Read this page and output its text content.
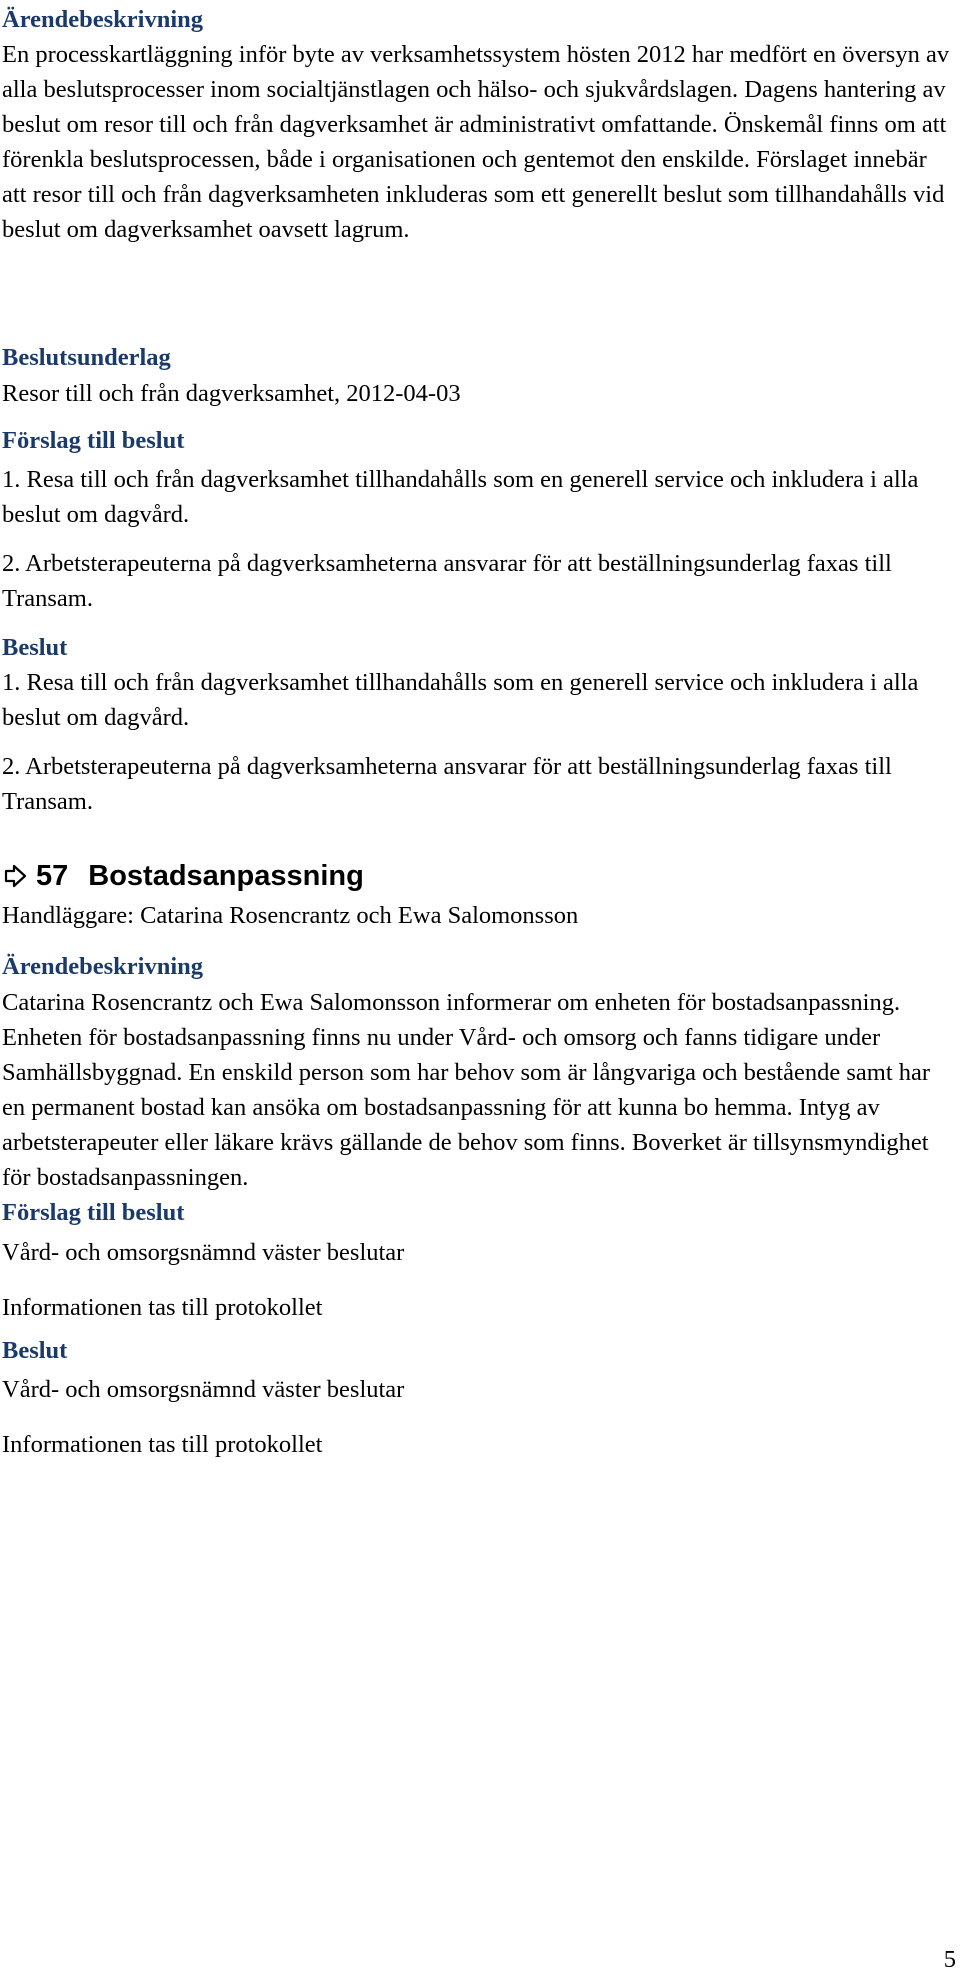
Ärendebeskrivning

En processkartläggning inför byte av verksamhetssystem hösten 2012 har medfört en översyn av alla beslutsprocesser inom socialtjänstlagen och hälso- och sjukvårdslagen. Dagens hantering av beslut om resor till och från dagverksamhet är administrativt omfattande. Önskemål finns om att förenkla beslutsprocessen, både i organisationen och gentemot den enskilde. Förslaget innebär att resor till och från dagverksamheten inkluderas som ett generellt beslut som tillhandahålls vid beslut om dagverksamhet oavsett lagrum.

Beslutsunderlag

Resor till och från dagverksamhet, 2012-04-03

Förslag till beslut

1. Resa till och från dagverksamhet tillhandahålls som en generell service och inkludera i alla beslut om dagvård.

2. Arbetsterapeuterna på dagverksamheterna ansvarar för att beställningsunderlag faxas till Transam.

Beslut

1. Resa till och från dagverksamhet tillhandahålls som en generell service och inkludera i alla beslut om dagvård.

2. Arbetsterapeuterna på dagverksamheterna ansvarar för att beställningsunderlag faxas till Transam.

57 Bostadsanpassning

Handläggare: Catarina Rosencrantz och Ewa Salomonsson

Ärendebeskrivning

Catarina Rosencrantz och Ewa Salomonsson informerar om enheten för bostadsanpassning. Enheten för bostadsanpassning finns nu under Vård- och omsorg och fanns tidigare under Samhällsbyggnad. En enskild person som har behov som är långvariga och bestående samt har en permanent bostad kan ansöka om bostadsanpassning för att kunna bo hemma. Intyg av arbetsterapeuter eller läkare krävs gällande de behov som finns. Boverket är tillsynsmyndighet för bostadsanpassningen.

Förslag till beslut

Vård- och omsorgsnämnd väster beslutar

Informationen tas till protokollet

Beslut

Vård- och omsorgsnämnd väster beslutar

Informationen tas till protokollet

5
